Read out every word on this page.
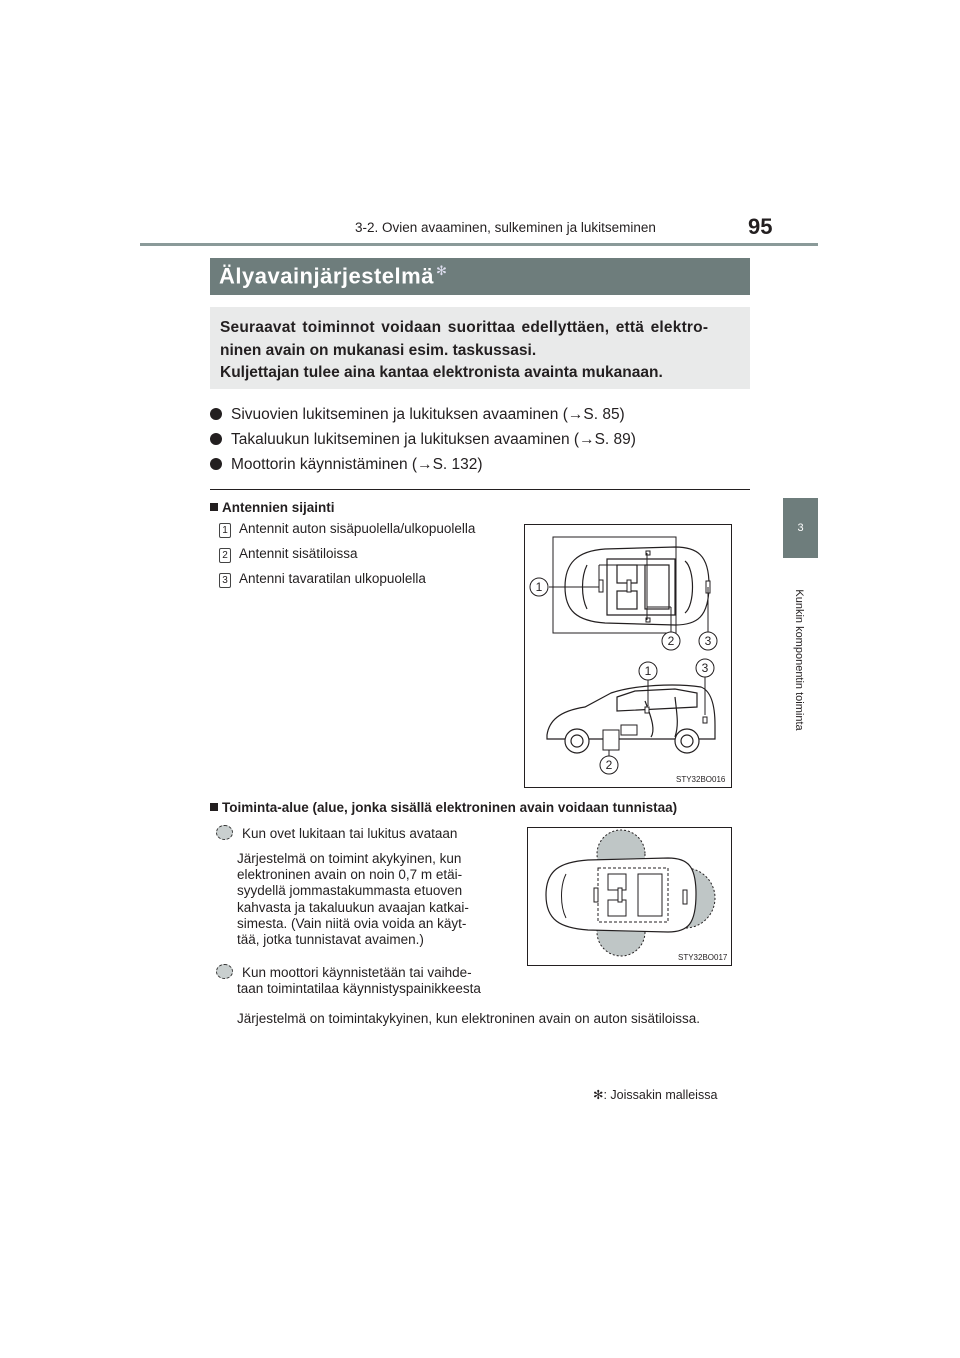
3-2. Ovien avaaminen, sulkeminen ja lukitseminen	95
3
Kunkin komponentin toiminta
Älyavainjärjestelmä ✻
Seuraavat toiminnot voidaan suorittaa edellyttäen, että elektro-
ninen avain on mukanasi esim. taskussasi.
Kuljettajan tulee aina kantaa elektronista avainta mukanaan.
Sivuovien lukitseminen ja lukituksen avaaminen (→S. 85)
Takaluukun lukitseminen ja lukituksen avaaminen (→S. 89)
Moottorin käynnistäminen (→S. 132)
Antennien sijainti
1 Antennit auton sisäpuolella/ulkopuolella
2 Antennit sisätiloissa
3 Antenni tavaratilan ulkopuolella
1
2	3
1	3
2
STY32BO016
Toiminta-alue (alue, jonka sisällä elektroninen avain voidaan tunnistaa)
Kun ovet lukitaan tai lukitus avataan
Järjestelmä on toimint akykyinen, kun
elektroninen avain on noin 0,7 m etäi-
syydellä jommastakummasta etuoven
kahvasta ja takaluukun avaajan katkai-
simesta. (Vain niitä ovia voida an käyt-
tää, jotka tunnistavat avaimen.)
Kun moottori käynnistetään tai vaihde-
taan toimintatilaa käynnistyspainikkeesta
Järjestelmä on toimintakykyinen, kun elektroninen avain on auton sisätiloissa.
STY32BO017
✻: Joissakin malleissa
